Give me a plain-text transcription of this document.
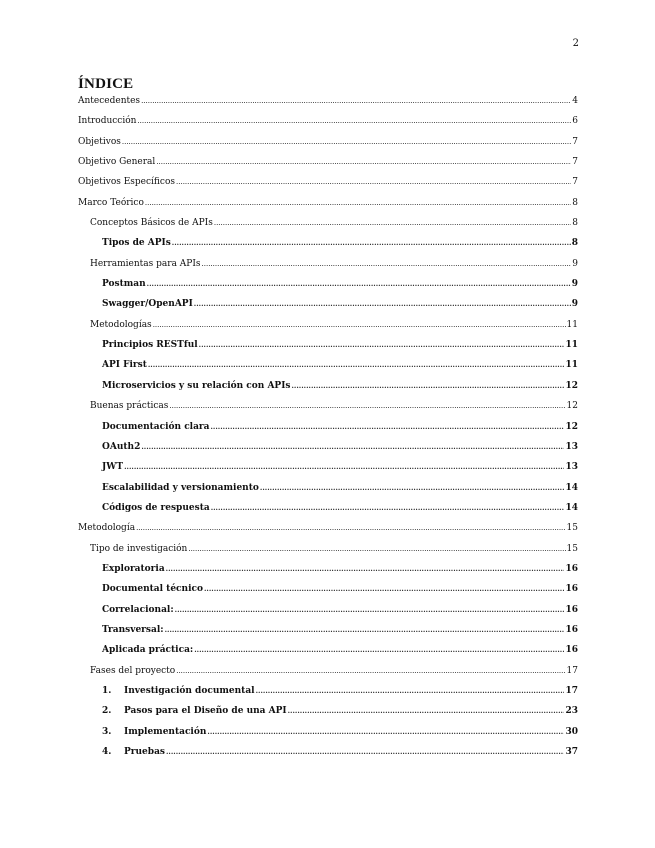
2
ÍNDICE
Antecedentes .....	4
Introducción .....	6
Objetivos .....	7
Objetivo General .....	7
Objetivos Específicos .....	7
Marco Teórico .....	8
Conceptos Básicos de APIs .....	8
Tipos de APIs .....	8
Herramientas para APIs .....	9
Postman .....	9
Swagger/OpenAPI .....	9
Metodologías .....	11
Principios RESTful .....	11
API First .....	11
Microservicios y su relación con APIs .....	12
Buenas prácticas .....	12
Documentación clara .....	12
OAuth2 .....	13
JWT .....	13
Escalabilidad y versionamiento .....	14
Códigos de respuesta .....	14
Metodología .....	15
Tipo de investigación .....	15
Exploratoria .....	16
Documental técnico .....	16
Correlacional: .....	16
Transversal: .....	16
Aplicada práctica: .....	16
Fases del proyecto .....	17
1.	Investigación documental .....	17
2.	Pasos para el Diseño de una API .....	23
3.	Implementación .....	30
4.	Pruebas .....	37
